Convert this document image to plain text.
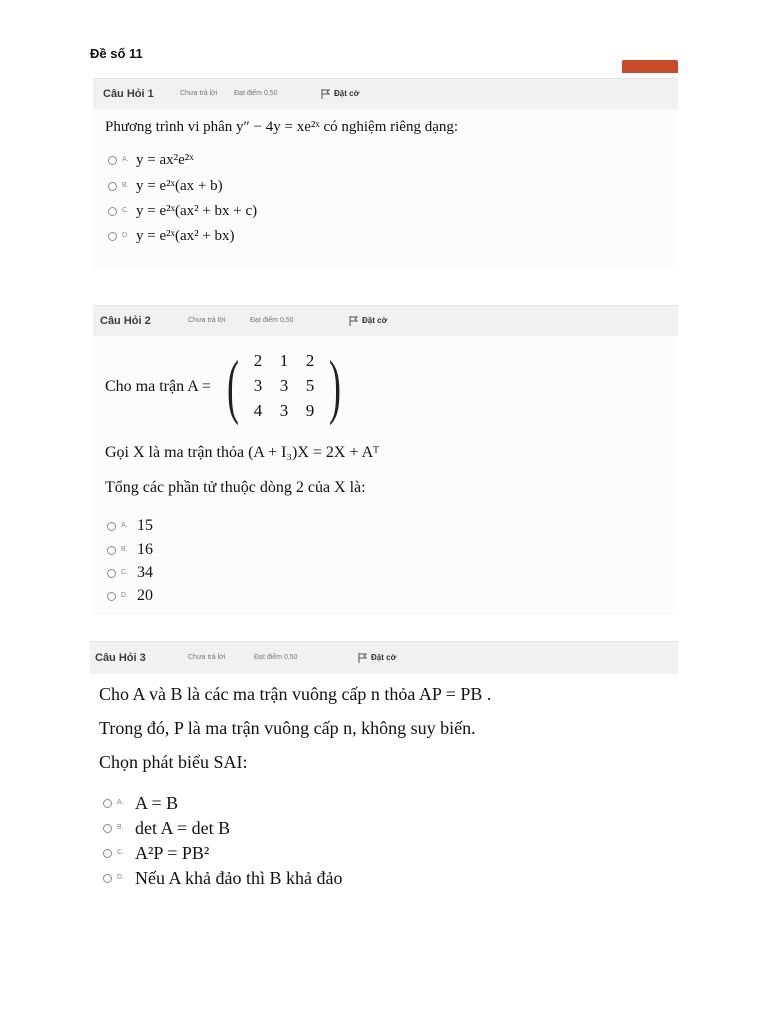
Đề số 11
Câu Hỏi 1	Chưa trả lời Đạt điểm 0,50	Đặt cờ
Phương trình vi phân y″ − 4y = xe²ˣ có nghiệm riêng dạng:
A. y = ax²e²ˣ
B. y = e²ˣ(ax + b)
C. y = e²ˣ(ax² + bx + c)
D. y = e²ˣ(ax² + bx)
Câu Hỏi 2	Chưa trả lời	Đạt điểm 0,50	Đặt cờ
Cho ma trận A = ( 2	1	2
3	3	5
4	3	9 )
Gọi X là ma trận thỏa (A + I₃)X = 2X + Aᵀ
Tổng các phần tử thuộc dòng 2 của X là:
A. 15
B. 16
C. 34
D. 20
Câu Hỏi 3	Chưa trả lời	Đạt điểm 0,50	Đặt cờ
Cho A và B là các ma trận vuông cấp n thỏa AP = PB .
Trong đó, P là ma trận vuông cấp n, không suy biến.
Chọn phát biểu SAI:
A. A = B
B. det A = det B
C. A²P = PB²
D. Nếu A khả đảo thì B khả đảo
